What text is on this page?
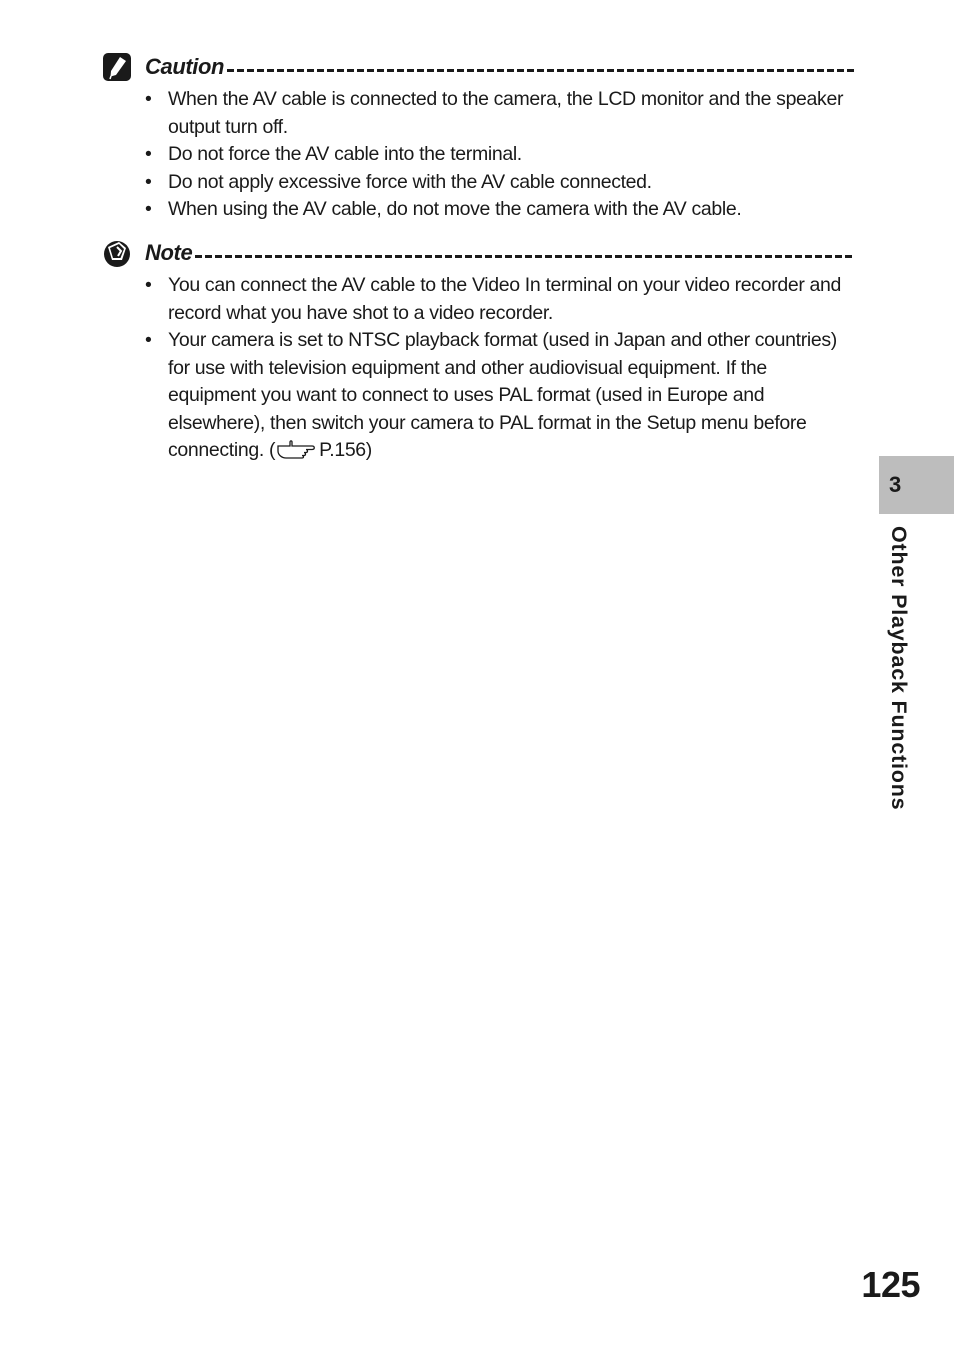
Caution
• When the AV cable is connected to the camera, the LCD monitor and the speaker output turn off.
• Do not force the AV cable into the terminal.
• Do not apply excessive force with the AV cable connected.
• When using the AV cable, do not move the camera with the AV cable.
Note
• You can connect the AV cable to the Video In terminal on your video recorder and record what you have shot to a video recorder.
• Your camera is set to NTSC playback format (used in Japan and other countries) for use with television equipment and other audiovisual equipment. If the equipment you want to connect to uses PAL format (used in Europe and elsewhere), then switch your camera to PAL format in the Setup menu before connecting. ( P.156)
3
Other Playback Functions
125
